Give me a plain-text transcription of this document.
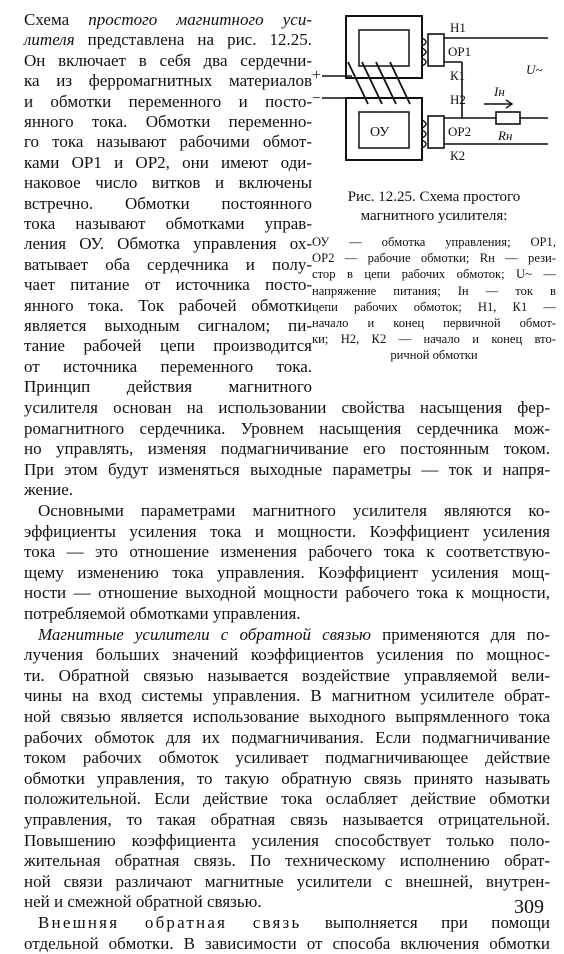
Схема простого магнитного уси-
лителя представлена на рис. 12.25.
Он включает в себя два сердечни-
ка из ферромагнитных материалов
и обмотки переменного и посто-
янного тока. Обмотки переменно-
го тока называют рабочими обмот-
ками ОР1 и ОР2, они имеют оди-
наковое число витков и включены
встречно. Обмотки постоянного
тока называют обмотками управ-
ления ОУ. Обмотка управления ох-
ватывает оба сердечника и полу-
чает питание от источника посто-
янного тока. Ток рабочей обмотки
является выходным сигналом; пи-
тание рабочей цепи производится
от источника переменного тока.
Принцип действия магнитного
Н1
ОР1
К1
Н2
ОР2
К2
ОУ
U~
Iн
Rн
+
−
Рис. 12.25. Схема простого
магнитного усилителя:
ОУ — обмотка управления; ОР1,
ОР2 — рабочие обмотки; Rн — рези-
стор в цепи рабочих обмоток; U~ —
напряжение питания; Iн — ток в
цепи рабочих обмоток; Н1, К1 —
начало и конец первичной обмот-
ки; Н2, К2 — начало и конец вто-
ричной обмотки
усилителя основан на использовании свойства насыщения фер-
ромагнитного сердечника. Уровнем насыщения сердечника мож-
но управлять, изменяя подмагничивание его постоянным током.
При этом будут изменяться выходные параметры — ток и напря-
жение.
Основными параметрами магнитного усилителя являются ко-
эффициенты усиления тока и мощности. Коэффициент усиления
тока — это отношение изменения рабочего тока к соответствую-
щему изменению тока управления. Коэффициент усиления мощ-
ности — отношение выходной мощности рабочего тока к мощности,
потребляемой обмотками управления.
Магнитные усилители с обратной связью применяются для по-
лучения больших значений коэффициентов усиления по мощнос-
ти. Обратной связью называется воздействие управляемой вели-
чины на вход системы управления. В магнитном усилителе обрат-
ной связью является использование выходного выпрямленного тока
рабочих обмоток для их подмагничивания. Если подмагничивание
током рабочих обмоток усиливает подмагничивающее действие
обмотки управления, то такую обратную связь принято называть
положительной. Если действие тока ослабляет действие обмотки
управления, то такая обратная связь называется отрицательной.
Повышению коэффициента усиления способствует только поло-
жительная обратная связь. По техническому исполнению обрат-
ной связи различают магнитные усилители с внешней, внутрен-
ней и смежной обратной связью.
Внешняя обратная связь выполняется при помощи
отдельной обмотки. В зависимости от способа включения обмотки
309
